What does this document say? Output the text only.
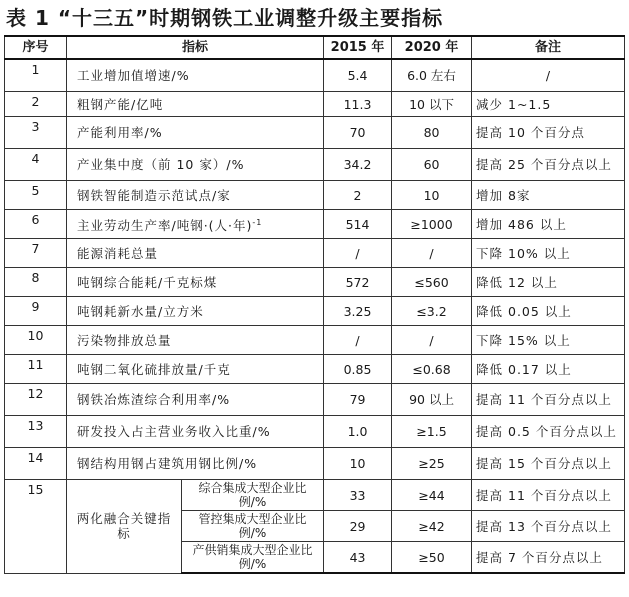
表 1 “十三五”时期钢铁工业调整升级主要指标
序号	指标		2015 年	2020 年	备注
1	工业增加值增速/%		5.4	6.0 左右	/
2	粗钢产能/亿吨		11.3	10 以下	减少 1~1.5
3	产能利用率/%		70	80	提高 10 个百分点
4	产业集中度（前 10 家）/%		34.2	60	提高 25 个百分点以上
5	钢铁智能制造示范试点/家		2	10	增加 8家
6	主业劳动生产率/吨钢·(人·年)$^{-1}$		514	≥1000	增加 486 以上
7	能源消耗总量		/	/	下降 10% 以上
8	吨钢综合能耗/千克标煤		572	≤560	降低 12 以上
9	吨钢耗新水量/立方米		3.25	≤3.2	降低 0.05 以上
10	污染物排放总量		/	/	下降 15% 以上
11	吨钢二氧化硫排放量/千克		0.85	≤0.68	降低 0.17 以上
12	钢铁冶炼渣综合利用率/%		79	90 以上	提高 11 个百分点以上
13	研发投入占主营业务收入比重/%		1.0	≥1.5	提高 0.5 个百分点以上
14	钢结构用钢占建筑用钢比例/%		10	≥25	提高 15 个百分点以上
15	两化融合关键指标	综合集成大型企业比例/%	33	≥44	提高 11 个百分点以上
		管控集成大型企业比例/%	29	≥42	提高 13 个百分点以上
		产供销集成大型企业比例/%	43	≥50	提高 7 个百分点以上
